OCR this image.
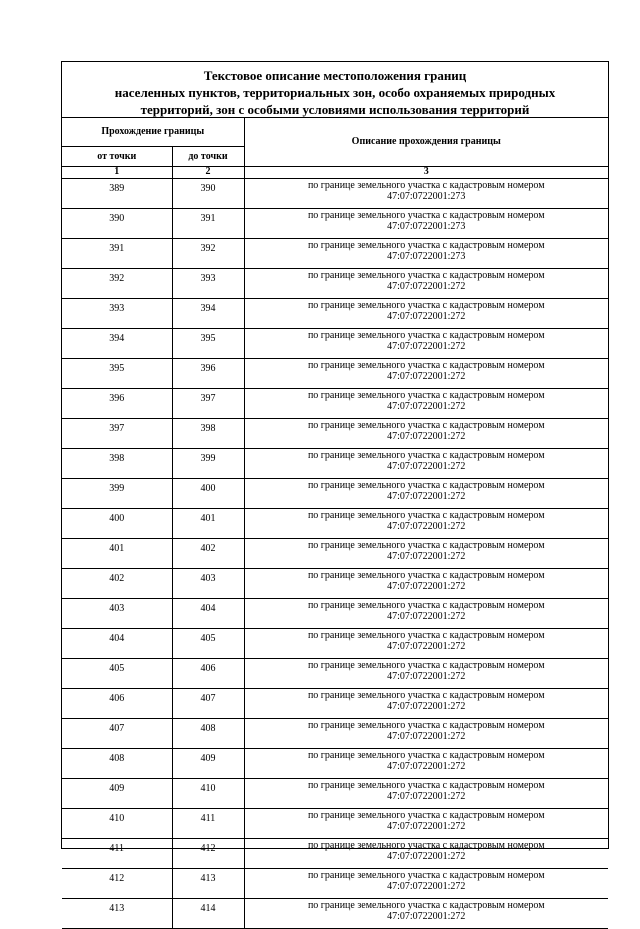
Текстовое описание местоположения границ
населенных пунктов, территориальных зон, особо охраняемых природных
территорий, зон с особыми условиями использования территорий
Прохождение границы		Описание прохождения границы
от точки	до точки	
1	2	3
389	390	по границе земельного участка с кадастровым номером
47:07:0722001:273

390	391	по границе земельного участка с кадастровым номером
47:07:0722001:273

391	392	по границе земельного участка с кадастровым номером
47:07:0722001:273

392	393	по границе земельного участка с кадастровым номером
47:07:0722001:272

393	394	по границе земельного участка с кадастровым номером
47:07:0722001:272

394	395	по границе земельного участка с кадастровым номером
47:07:0722001:272

395	396	по границе земельного участка с кадастровым номером
47:07:0722001:272

396	397	по границе земельного участка с кадастровым номером
47:07:0722001:272

397	398	по границе земельного участка с кадастровым номером
47:07:0722001:272

398	399	по границе земельного участка с кадастровым номером
47:07:0722001:272

399	400	по границе земельного участка с кадастровым номером
47:07:0722001:272

400	401	по границе земельного участка с кадастровым номером
47:07:0722001:272

401	402	по границе земельного участка с кадастровым номером
47:07:0722001:272

402	403	по границе земельного участка с кадастровым номером
47:07:0722001:272

403	404	по границе земельного участка с кадастровым номером
47:07:0722001:272

404	405	по границе земельного участка с кадастровым номером
47:07:0722001:272

405	406	по границе земельного участка с кадастровым номером
47:07:0722001:272

406	407	по границе земельного участка с кадастровым номером
47:07:0722001:272

407	408	по границе земельного участка с кадастровым номером
47:07:0722001:272

408	409	по границе земельного участка с кадастровым номером
47:07:0722001:272

409	410	по границе земельного участка с кадастровым номером
47:07:0722001:272

410	411	по границе земельного участка с кадастровым номером
47:07:0722001:272

411	412	по границе земельного участка с кадастровым номером
47:07:0722001:272

412	413	по границе земельного участка с кадастровым номером
47:07:0722001:272

413	414	по границе земельного участка с кадастровым номером
47:07:0722001:272
